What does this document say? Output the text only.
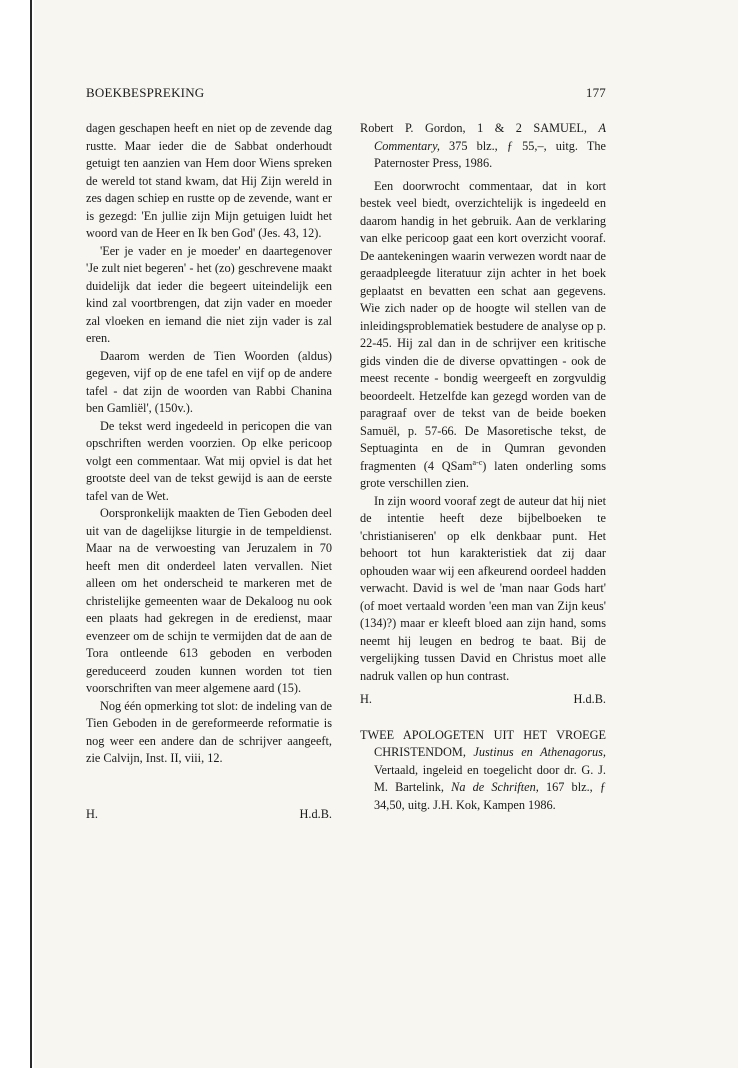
BOEKBESPREKING	177

dagen geschapen heeft en niet op de zevende dag rustte. Maar ieder die de Sabbat onderhoudt getuigt ten aanzien van Hem door Wiens spreken de wereld tot stand kwam, dat Hij Zijn wereld in zes dagen schiep en rustte op de zevende, want er is gezegd: 'En jullie zijn Mijn getuigen luidt het woord van de Heer en Ik ben God' (Jes. 43, 12).

'Eer je vader en je moeder' en daartegenover 'Je zult niet begeren' - het (zo) geschrevene maakt duidelijk dat ieder die begeert uiteindelijk een kind zal voortbrengen, dat zijn vader en moeder zal vloeken en iemand die niet zijn vader is zal eren.

Daarom werden de Tien Woorden (aldus) gegeven, vijf op de ene tafel en vijf op de andere tafel - dat zijn de woorden van Rabbi Chanina ben Gamliël', (150v.).

De tekst werd ingedeeld in pericopen die van opschriften werden voorzien. Op elke pericoop volgt een commentaar. Wat mij opviel is dat het grootste deel van de tekst gewijd is aan de eerste tafel van de Wet.

Oorspronkelijk maakten de Tien Geboden deel uit van de dagelijkse liturgie in de tempeldienst. Maar na de verwoesting van Jeruzalem in 70 heeft men dit onderdeel laten vervallen. Niet alleen om het onderscheid te markeren met de christelijke gemeenten waar de Dekaloog nu ook een plaats had gekregen in de eredienst, maar evenzeer om de schijn te vermijden dat de aan de Tora ontleende 613 geboden en verboden gereduceerd zouden kunnen worden tot tien voorschriften van meer algemene aard (15).

Nog één opmerking tot slot: de indeling van de Tien Geboden in de gereformeerde reformatie is nog weer een andere dan de schrijver aangeeft, zie Calvijn, Inst. II, viii, 12.

H.	H.d.B.

Robert P. Gordon, 1 & 2 SAMUEL, A Commentary, 375 blz., ƒ 55,–, uitg. The Paternoster Press, 1986.

Een doorwrocht commentaar, dat in kort bestek veel biedt, overzichtelijk is ingedeeld en daarom handig in het gebruik. Aan de verklaring van elke pericoop gaat een kort overzicht vooraf. De aantekeningen waarin verwezen wordt naar de geraadpleegde literatuur zijn achter in het boek geplaatst en bevatten een schat aan gegevens. Wie zich nader op de hoogte wil stellen van de inleidingsproblematiek bestudere de analyse op p. 22-45. Hij zal dan in de schrijver een kritische gids vinden die de diverse opvattingen - ook de meest recente - bondig weergeeft en zorgvuldig beoordeelt. Hetzelfde kan gezegd worden van de paragraaf over de tekst van de beide boeken Samuël, p. 57-66. De Masoretische tekst, de Septuaginta en de in Qumran gevonden fragmenten (4 QSam$^{a-c}$) laten onderling soms grote verschillen zien.

In zijn woord vooraf zegt de auteur dat hij niet de intentie heeft deze bijbelboeken te 'christianiseren' op elk denkbaar punt. Het behoort tot hun karakteristiek dat zij daar ophouden waar wij een afkeurend oordeel hadden verwacht. David is wel de 'man naar Gods hart' (of moet vertaald worden 'een man van Zijn keus' (134)?) maar er kleeft bloed aan zijn hand, soms neemt hij leugen en bedrog te baat. Bij de vergelijking tussen David en Christus moet alle nadruk vallen op hun contrast.

H.	H.d.B.

TWEE APOLOGETEN UIT HET VROEGE CHRISTENDOM, Justinus en Athenagorus, Vertaald, ingeleid en toegelicht door dr. G. J. M. Bartelink, Na de Schriften, 167 blz., ƒ 34,50, uitg. J.H. Kok, Kampen 1986.
